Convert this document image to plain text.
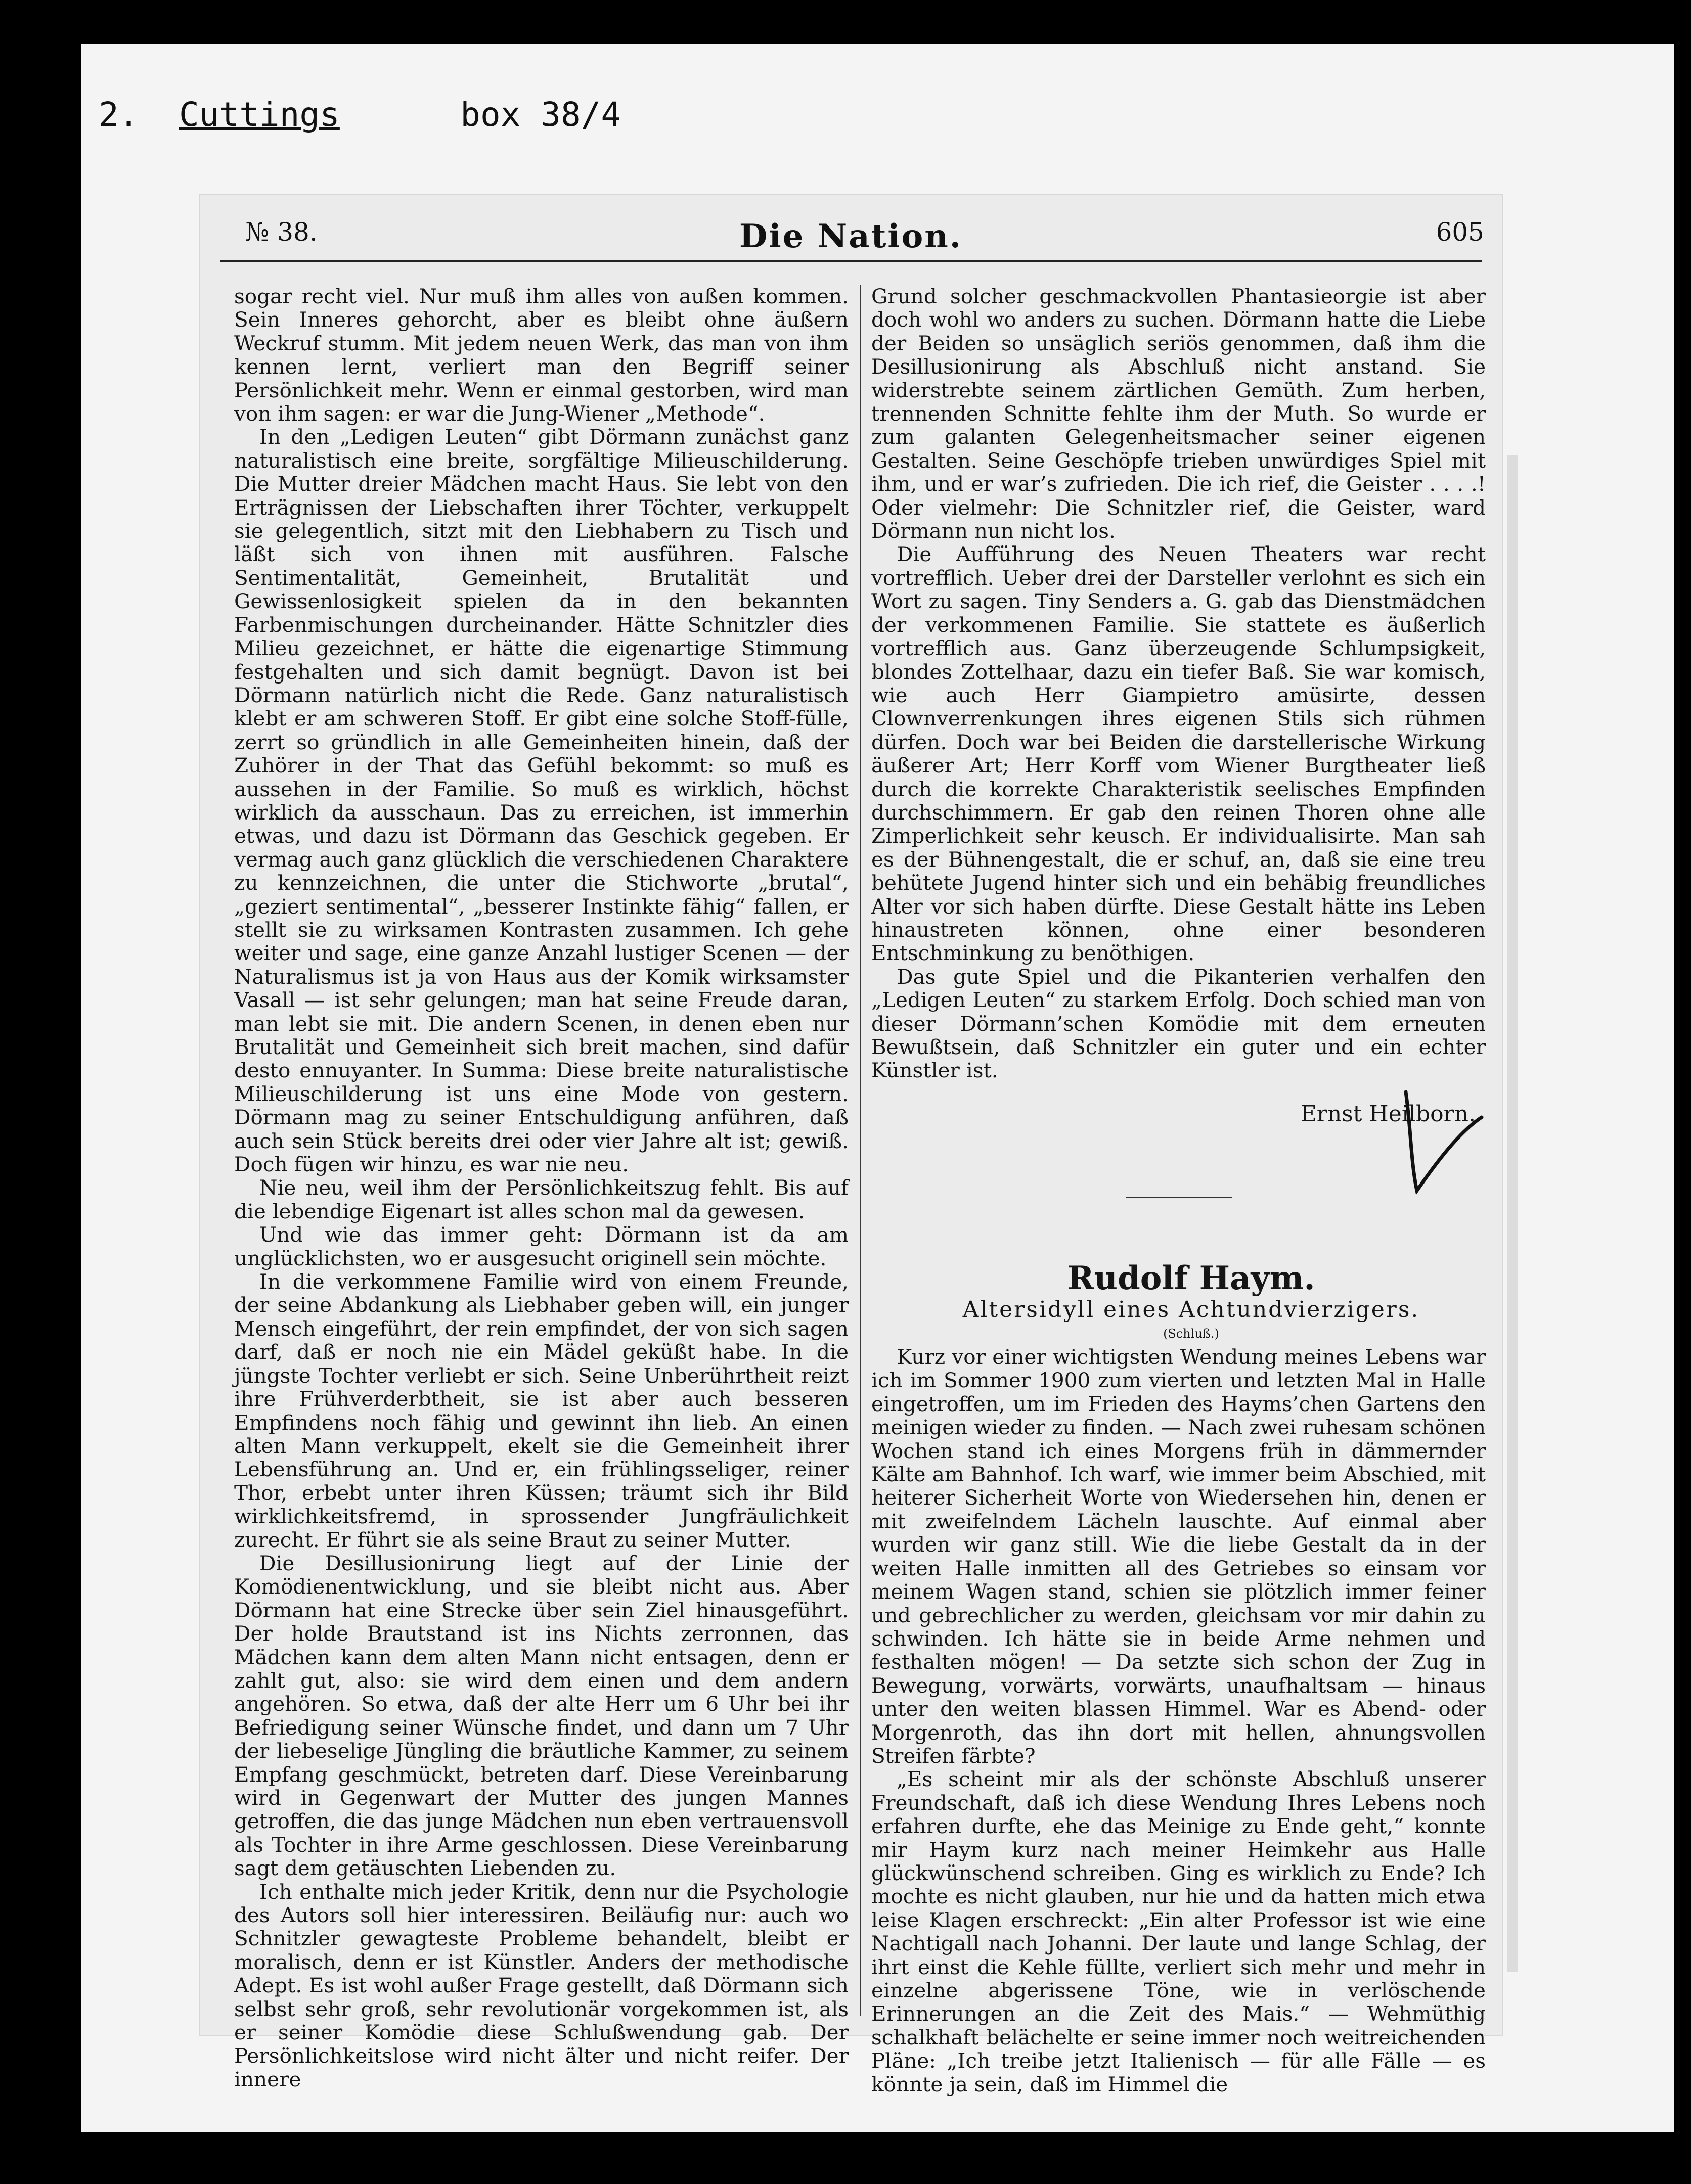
2. Cuttings	box 38/4
Die Nation.
№ 38.	605

sogar recht viel. Nur muß ihm alles von außen kommen. Sein Inneres gehorcht, aber es bleibt ohne äußern Weckruf stumm. Mit jedem neuen Werk, das man von ihm kennen lernt, verliert man den Begriff seiner Persönlichkeit mehr. Wenn er einmal gestorben, wird man von ihm sagen: er war die Jung-Wiener „Methode“.

In den „Ledigen Leuten“ gibt Dörmann zunächst ganz naturalistisch eine breite, sorgfältige Milieuschilderung. Die Mutter dreier Mädchen macht Haus. Sie lebt von den Erträgnissen der Liebschaften ihrer Töchter, verkuppelt sie gelegentlich, sitzt mit den Liebhabern zu Tisch und läßt sich von ihnen mit ausführen. Falsche Sentimentalität, Gemeinheit, Brutalität und Gewissenlosigkeit spielen da in den bekannten Farbenmischungen durcheinander. Hätte Schnitzler dies Milieu gezeichnet, er hätte die eigenartige Stimmung festgehalten und sich damit begnügt. Davon ist bei Dörmann natürlich nicht die Rede. Ganz naturalistisch klebt er am schweren Stoff. Er gibt eine solche Stoff-fülle, zerrt so gründlich in alle Gemeinheiten hinein, daß der Zuhörer in der That das Gefühl bekommt: so muß es aussehen in der Familie. So muß es wirklich, höchst wirklich da ausschaun. Das zu erreichen, ist immerhin etwas, und dazu ist Dörmann das Geschick gegeben. Er vermag auch ganz glücklich die verschiedenen Charaktere zu kennzeichnen, die unter die Stichworte „brutal“, „geziert sentimental“, „besserer Instinkte fähig“ fallen, er stellt sie zu wirksamen Kontrasten zusammen. Ich gehe weiter und sage, eine ganze Anzahl lustiger Scenen — der Naturalismus ist ja von Haus aus der Komik wirksamster Vasall — ist sehr gelungen; man hat seine Freude daran, man lebt sie mit. Die andern Scenen, in denen eben nur Brutalität und Gemeinheit sich breit machen, sind dafür desto ennuyanter. In Summa: Diese breite naturalistische Milieuschilderung ist uns eine Mode von gestern. Dörmann mag zu seiner Entschuldigung anführen, daß auch sein Stück bereits drei oder vier Jahre alt ist; gewiß. Doch fügen wir hinzu, es war nie neu.

Nie neu, weil ihm der Persönlichkeitszug fehlt. Bis auf die lebendige Eigenart ist alles schon mal da gewesen.

Und wie das immer geht: Dörmann ist da am unglücklichsten, wo er ausgesucht originell sein möchte.

In die verkommene Familie wird von einem Freunde, der seine Abdankung als Liebhaber geben will, ein junger Mensch eingeführt, der rein empfindet, der von sich sagen darf, daß er noch nie ein Mädel geküßt habe. In die jüngste Tochter verliebt er sich. Seine Unberührtheit reizt ihre Frühverderbtheit, sie ist aber auch besseren Empfindens noch fähig und gewinnt ihn lieb. An einen alten Mann verkuppelt, ekelt sie die Gemeinheit ihrer Lebensführung an. Und er, ein frühlingsseliger, reiner Thor, erbebt unter ihren Küssen; träumt sich ihr Bild wirklichkeitsfremd, in sprossender Jungfräulichkeit zurecht. Er führt sie als seine Braut zu seiner Mutter.

Die Desillusionirung liegt auf der Linie der Komödienentwicklung, und sie bleibt nicht aus. Aber Dörmann hat eine Strecke über sein Ziel hinausgeführt. Der holde Brautstand ist ins Nichts zerronnen, das Mädchen kann dem alten Mann nicht entsagen, denn er zahlt gut, also: sie wird dem einen und dem andern angehören. So etwa, daß der alte Herr um 6 Uhr bei ihr Befriedigung seiner Wünsche findet, und dann um 7 Uhr der liebeselige Jüngling die bräutliche Kammer, zu seinem Empfang geschmückt, betreten darf. Diese Vereinbarung wird in Gegenwart der Mutter des jungen Mannes getroffen, die das junge Mädchen nun eben vertrauensvoll als Tochter in ihre Arme geschlossen. Diese Vereinbarung sagt dem getäuschten Liebenden zu.

Ich enthalte mich jeder Kritik, denn nur die Psychologie des Autors soll hier interessiren. Beiläufig nur: auch wo Schnitzler gewagteste Probleme behandelt, bleibt er moralisch, denn er ist Künstler. Anders der methodische Adept. Es ist wohl außer Frage gestellt, daß Dörmann sich selbst sehr groß, sehr revolutionär vorgekommen ist, als er seiner Komödie diese Schlußwendung gab. Der Persönlichkeitslose wird nicht älter und nicht reifer. Der innere

Grund solcher geschmackvollen Phantasieorgie ist aber doch wohl wo anders zu suchen. Dörmann hatte die Liebe der Beiden so unsäglich seriös genommen, daß ihm die Desillusionirung als Abschluß nicht anstand. Sie widerstrebte seinem zärtlichen Gemüth. Zum herben, trennenden Schnitte fehlte ihm der Muth. So wurde er zum galanten Gelegenheitsmacher seiner eigenen Gestalten. Seine Geschöpfe trieben unwürdiges Spiel mit ihm, und er war’s zufrieden. Die ich rief, die Geister . . . .! Oder vielmehr: Die Schnitzler rief, die Geister, ward Dörmann nun nicht los.

Die Aufführung des Neuen Theaters war recht vortrefflich. Ueber drei der Darsteller verlohnt es sich ein Wort zu sagen. Tiny Senders a. G. gab das Dienstmädchen der verkommenen Familie. Sie stattete es äußerlich vortrefflich aus. Ganz überzeugende Schlumpsigkeit, blondes Zottelhaar, dazu ein tiefer Baß. Sie war komisch, wie auch Herr Giampietro amüsirte, dessen Clownverrenkungen ihres eigenen Stils sich rühmen dürfen. Doch war bei Beiden die darstellerische Wirkung äußerer Art; Herr Korff vom Wiener Burgtheater ließ durch die korrekte Charakteristik seelisches Empfinden durchschimmern. Er gab den reinen Thoren ohne alle Zimperlichkeit sehr keusch. Er individualisirte. Man sah es der Bühnengestalt, die er schuf, an, daß sie eine treu behütete Jugend hinter sich und ein behäbig freundliches Alter vor sich haben dürfte. Diese Gestalt hätte ins Leben hinaustreten können, ohne einer besonderen Entschminkung zu benöthigen.

Das gute Spiel und die Pikanterien verhalfen den „Ledigen Leuten“ zu starkem Erfolg. Doch schied man von dieser Dörmann’schen Komödie mit dem erneuten Bewußtsein, daß Schnitzler ein guter und ein echter Künstler ist.

Ernst Heilborn.

Rudolf Haym.

Altersidyll eines Achtundvierzigers.

(Schluß.)

Kurz vor einer wichtigsten Wendung meines Lebens war ich im Sommer 1900 zum vierten und letzten Mal in Halle eingetroffen, um im Frieden des Hayms’chen Gartens den meinigen wieder zu finden. — Nach zwei ruhesam schönen Wochen stand ich eines Morgens früh in dämmernder Kälte am Bahnhof. Ich warf, wie immer beim Abschied, mit heiterer Sicherheit Worte von Wiedersehen hin, denen er mit zweifelndem Lächeln lauschte. Auf einmal aber wurden wir ganz still. Wie die liebe Gestalt da in der weiten Halle inmitten all des Getriebes so einsam vor meinem Wagen stand, schien sie plötzlich immer feiner und gebrechlicher zu werden, gleichsam vor mir dahin zu schwinden. Ich hätte sie in beide Arme nehmen und festhalten mögen! — Da setzte sich schon der Zug in Bewegung, vorwärts, vorwärts, unaufhaltsam — hinaus unter den weiten blassen Himmel. War es Abend- oder Morgenroth, das ihn dort mit hellen, ahnungsvollen Streifen färbte?

„Es scheint mir als der schönste Abschluß unserer Freundschaft, daß ich diese Wendung Ihres Lebens noch erfahren durfte, ehe das Meinige zu Ende geht,“ konnte mir Haym kurz nach meiner Heimkehr aus Halle glückwünschend schreiben. Ging es wirklich zu Ende? Ich mochte es nicht glauben, nur hie und da hatten mich etwa leise Klagen erschreckt: „Ein alter Professor ist wie eine Nachtigall nach Johanni. Der laute und lange Schlag, der ihrt einst die Kehle füllte, verliert sich mehr und mehr in einzelne abgerissene Töne, wie in verlöschende Erinnerungen an die Zeit des Mais.“ — Wehmüthig schalkhaft belächelte er seine immer noch weitreichenden Pläne: „Ich treibe jetzt Italienisch — für alle Fälle — es könnte ja sein, daß im Himmel die
